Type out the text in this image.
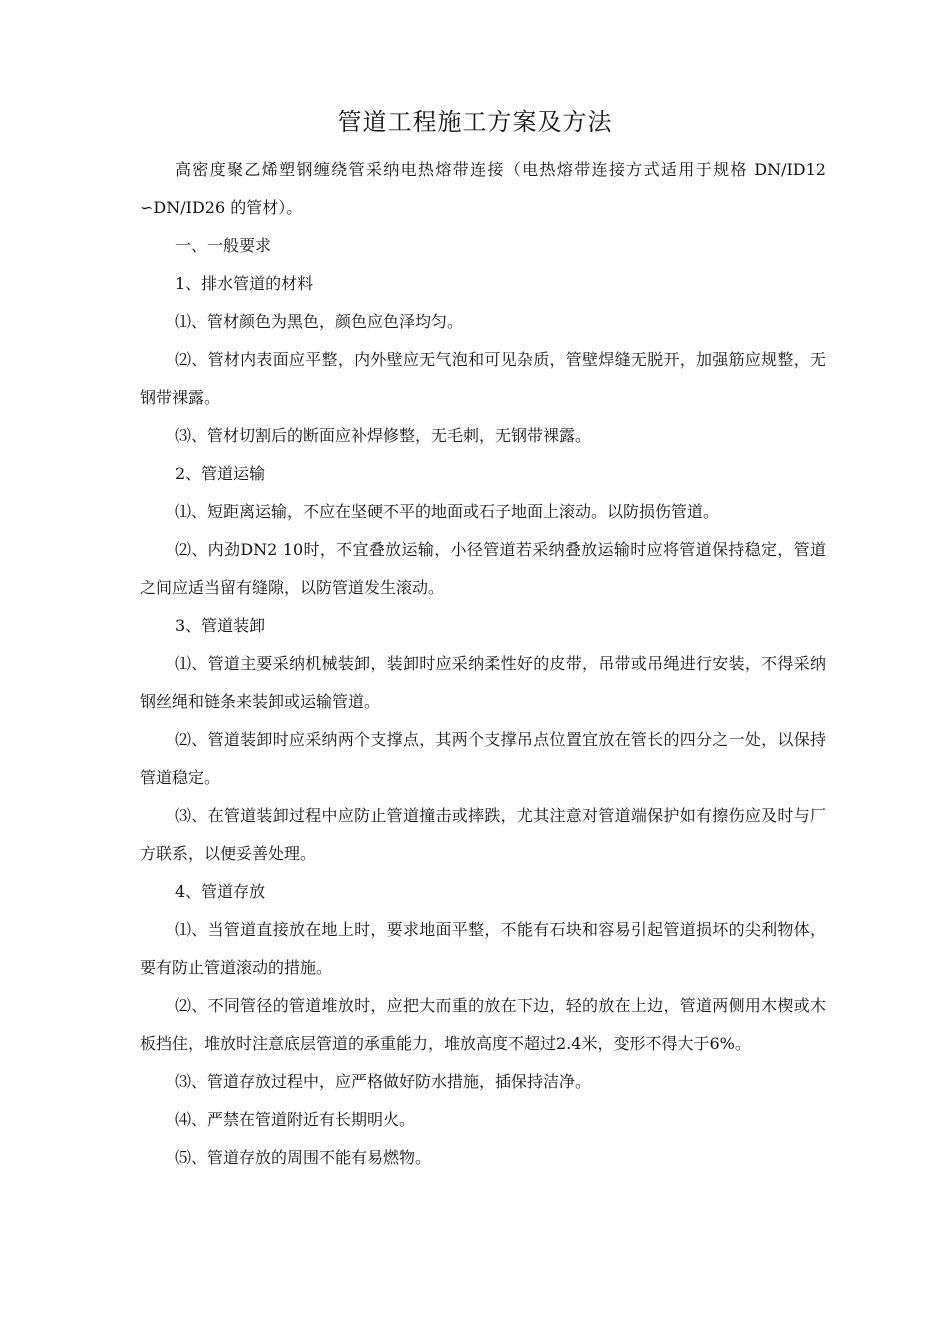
管道工程施工方案及方法

高密度聚乙烯塑钢缠绕管采纳电热熔带连接（电热熔带连接方式适用于规格 DN/ID12 ∽DN/ID26 的管材）。

一、一般要求

1、排水管道的材料

⑴、管材颜色为黑色，颜色应色泽均匀。

⑵、管材内表面应平整，内外壁应无气泡和可见杂质，管壁焊缝无脱开，加强筋应规整，无钢带裸露。

⑶、管材切割后的断面应补焊修整，无毛刺，无钢带裸露。

2、管道运输

⑴、短距离运输，不应在坚硬不平的地面或石子地面上滚动。以防损伤管道。

⑵、内劲DN2 10时，不宜叠放运输，小径管道若采纳叠放运输时应将管道保持稳定，管道之间应适当留有缝隙，以防管道发生滚动。

3、管道装卸

⑴、管道主要采纳机械装卸，装卸时应采纳柔性好的皮带，吊带或吊绳进行安装，不得采纳钢丝绳和链条来装卸或运输管道。

⑵、管道装卸时应采纳两个支撑点，其两个支撑吊点位置宜放在管长的四分之一处，以保持管道稳定。

⑶、在管道装卸过程中应防止管道撞击或摔跌，尤其注意对管道端保护如有擦伤应及时与厂方联系，以便妥善处理。

4、管道存放

⑴、当管道直接放在地上时，要求地面平整，不能有石块和容易引起管道损坏的尖利物体，要有防止管道滚动的措施。

⑵、不同管径的管道堆放时，应把大而重的放在下边，轻的放在上边，管道两侧用木楔或木板挡住，堆放时注意底层管道的承重能力，堆放高度不超过2.4米，变形不得大于6%。

⑶、管道存放过程中，应严格做好防水措施，插保持洁净。

⑷、严禁在管道附近有长期明火。

⑸、管道存放的周围不能有易燃物。
